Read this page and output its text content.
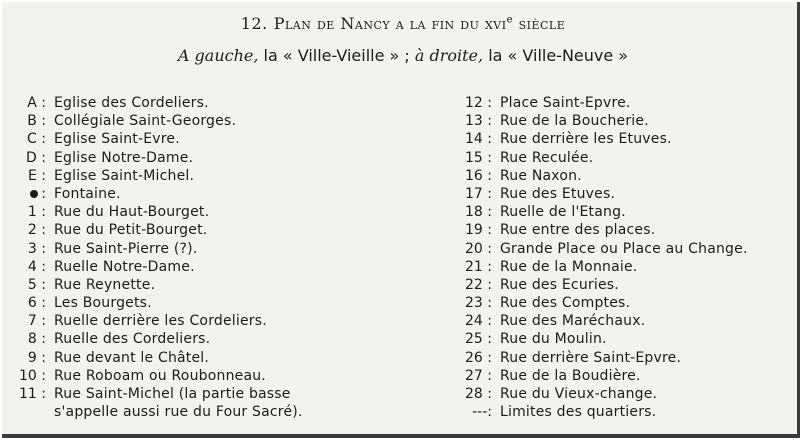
12. Plan de Nancy a la fin du xvi$^e$ siècle
A gauche, la « Ville-Vieille » ; à droite, la « Ville-Neuve »
A : Eglise des Cordeliers.
B : Collégiale Saint-Georges.
C : Eglise Saint-Evre.
D : Eglise Notre-Dame.
E : Eglise Saint-Michel.
: Fontaine.
1 : Rue du Haut-Bourget.
2 : Rue du Petit-Bourget.
3 : Rue Saint-Pierre (?).
4 : Ruelle Notre-Dame.
5 : Rue Reynette.
6 : Les Bourgets.
7 : Ruelle derrière les Cordeliers.
8 : Ruelle des Cordeliers.
9 : Rue devant le Châtel.
10 : Rue Roboam ou Roubonneau.
11 : Rue Saint-Michel (la partie basse
s'appelle aussi rue du Four Sacré).
12 : Place Saint-Epvre.
13 : Rue de la Boucherie.
14 : Rue derrière les Etuves.
15 : Rue Reculée.
16 : Rue Naxon.
17 : Rue des Etuves.
18 : Ruelle de l'Etang.
19 : Rue entre des places.
20 : Grande Place ou Place au Change.
21 : Rue de la Monnaie.
22 : Rue des Ecuries.
23 : Rue des Comptes.
24 : Rue des Maréchaux.
25 : Rue du Moulin.
26 : Rue derrière Saint-Epvre.
27 : Rue de la Boudière.
28 : Rue du Vieux-change.
---: Limites des quartiers.
